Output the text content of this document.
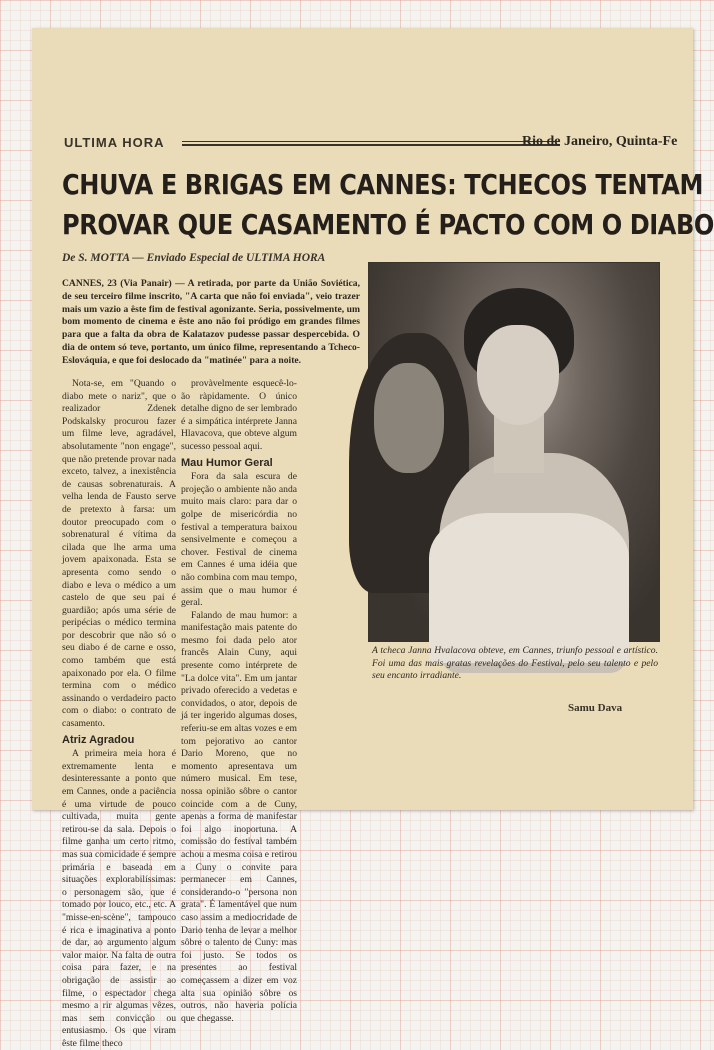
ULTIMA HORA	Rio de Janeiro, Quinta-Fe
CHUVA E BRIGAS EM CANNES: TCHECOS TENTAM
PROVAR QUE CASAMENTO É PACTO COM O DIABO
De S. MOTTA — Enviado Especial de ULTIMA HORA
CANNES, 23 (Via Panair) — A retirada, por parte da União Soviética, de seu terceiro filme inscrito, "A carta que não foi enviada", veio trazer mais um vazio a êste fim de festival agonizante. Seria, possivelmente, um bom momento de cinema e êste ano não foi pródigo em grandes filmes para que a falta da obra de Kalatazov pudesse passar despercebida. O dia de ontem só teve, portanto, um único filme, representando a Tcheco-Eslováquia, e que foi deslocado da "matinée" para a noite.

Nota-se, em "Quando o diabo mete o nariz", que o realizador Zdenek Podskalsky procurou fazer um filme leve, agradável, absolutamente "non engage", que não pretende provar nada exceto, talvez, a inexistência de causas sobrenaturais. A velha lenda de Fausto serve de pretexto à farsa: um doutor preocupado com o sobrenatural é vítima da cilada que lhe arma uma jovem apaixonada. Esta se apresenta como sendo o diabo e leva o médico a um castelo de que seu pai é guardião; após uma série de peripécias o médico termina por descobrir que não só o seu diabo é de carne e osso, como também que está apaixonado por ela. O filme termina com o médico assinando o verdadeiro pacto com o diabo: o contrato de casamento.

Atriz Agradou

A primeira meia hora é extremamente lenta e desinteressante a ponto que em Cannes, onde a paciência é uma virtude de pouco cultivada, muita gente retirou-se da sala. Depois o filme ganha um certo ritmo, mas sua comicidade é sempre primária e baseada em situações explorabilíssimas: o personagem são, que é tomado por louco, etc., etc. A "misse-en-scène", tampouco é rica e imaginativa a ponto de dar, ao argumento algum valor maior. Na falta de outra coisa para fazer, e na obrigação de assistir ao filme, o espectador chega mesmo a rir algumas vêzes, mas sem convicção ou entusiasmo. Os que viram êste filme theco

provàvelmente esquecê-lo-ão ràpidamente. O único detalhe digno de ser lembrado é a simpática intérprete Janna Hlavacova, que obteve algum sucesso pessoal aqui.

Mau Humor Geral

Fora da sala escura de projeção o ambiente não anda muito mais claro: para dar o golpe de misericórdia no festival a temperatura baixou sensivelmente e começou a chover. Festival de cinema em Cannes é uma idéia que não combina com mau tempo, assim que o mau humor é geral.

Falando de mau humor: a manifestação mais patente do mesmo foi dada pelo ator francês Alain Cuny, aqui presente como intérprete de "La dolce vita". Em um jantar privado oferecido a vedetas e convidados, o ator, depois de já ter ingerido algumas doses, referiu-se em altas vozes e em tom pejorativo ao cantor Dario Moreno, que no momento apresentava um número musical. Em tese, nossa opinião sôbre o cantor coincide com a de Cuny, apenas a forma de manifestar foi algo inoportuna. A comissão do festival também achou a mesma coisa e retirou a Cuny o convite para permanecer em Cannes, considerando-o "persona non grata". É lamentável que num caso assim a mediocridade de Dario tenha de levar a melhor sôbre o talento de Cuny: mas foi justo. Se todos os presentes ao festival começassem a dizer em voz alta sua opinião sôbre os outros, não haveria polícia que chegasse.

A tcheca Janna Hvalacova obteve, em Cannes, triunfo pessoal e artístico. Foi uma das mais gratas revelações do Festival, pelo seu talento e pelo seu encanto irradiante.
Samu Dava
